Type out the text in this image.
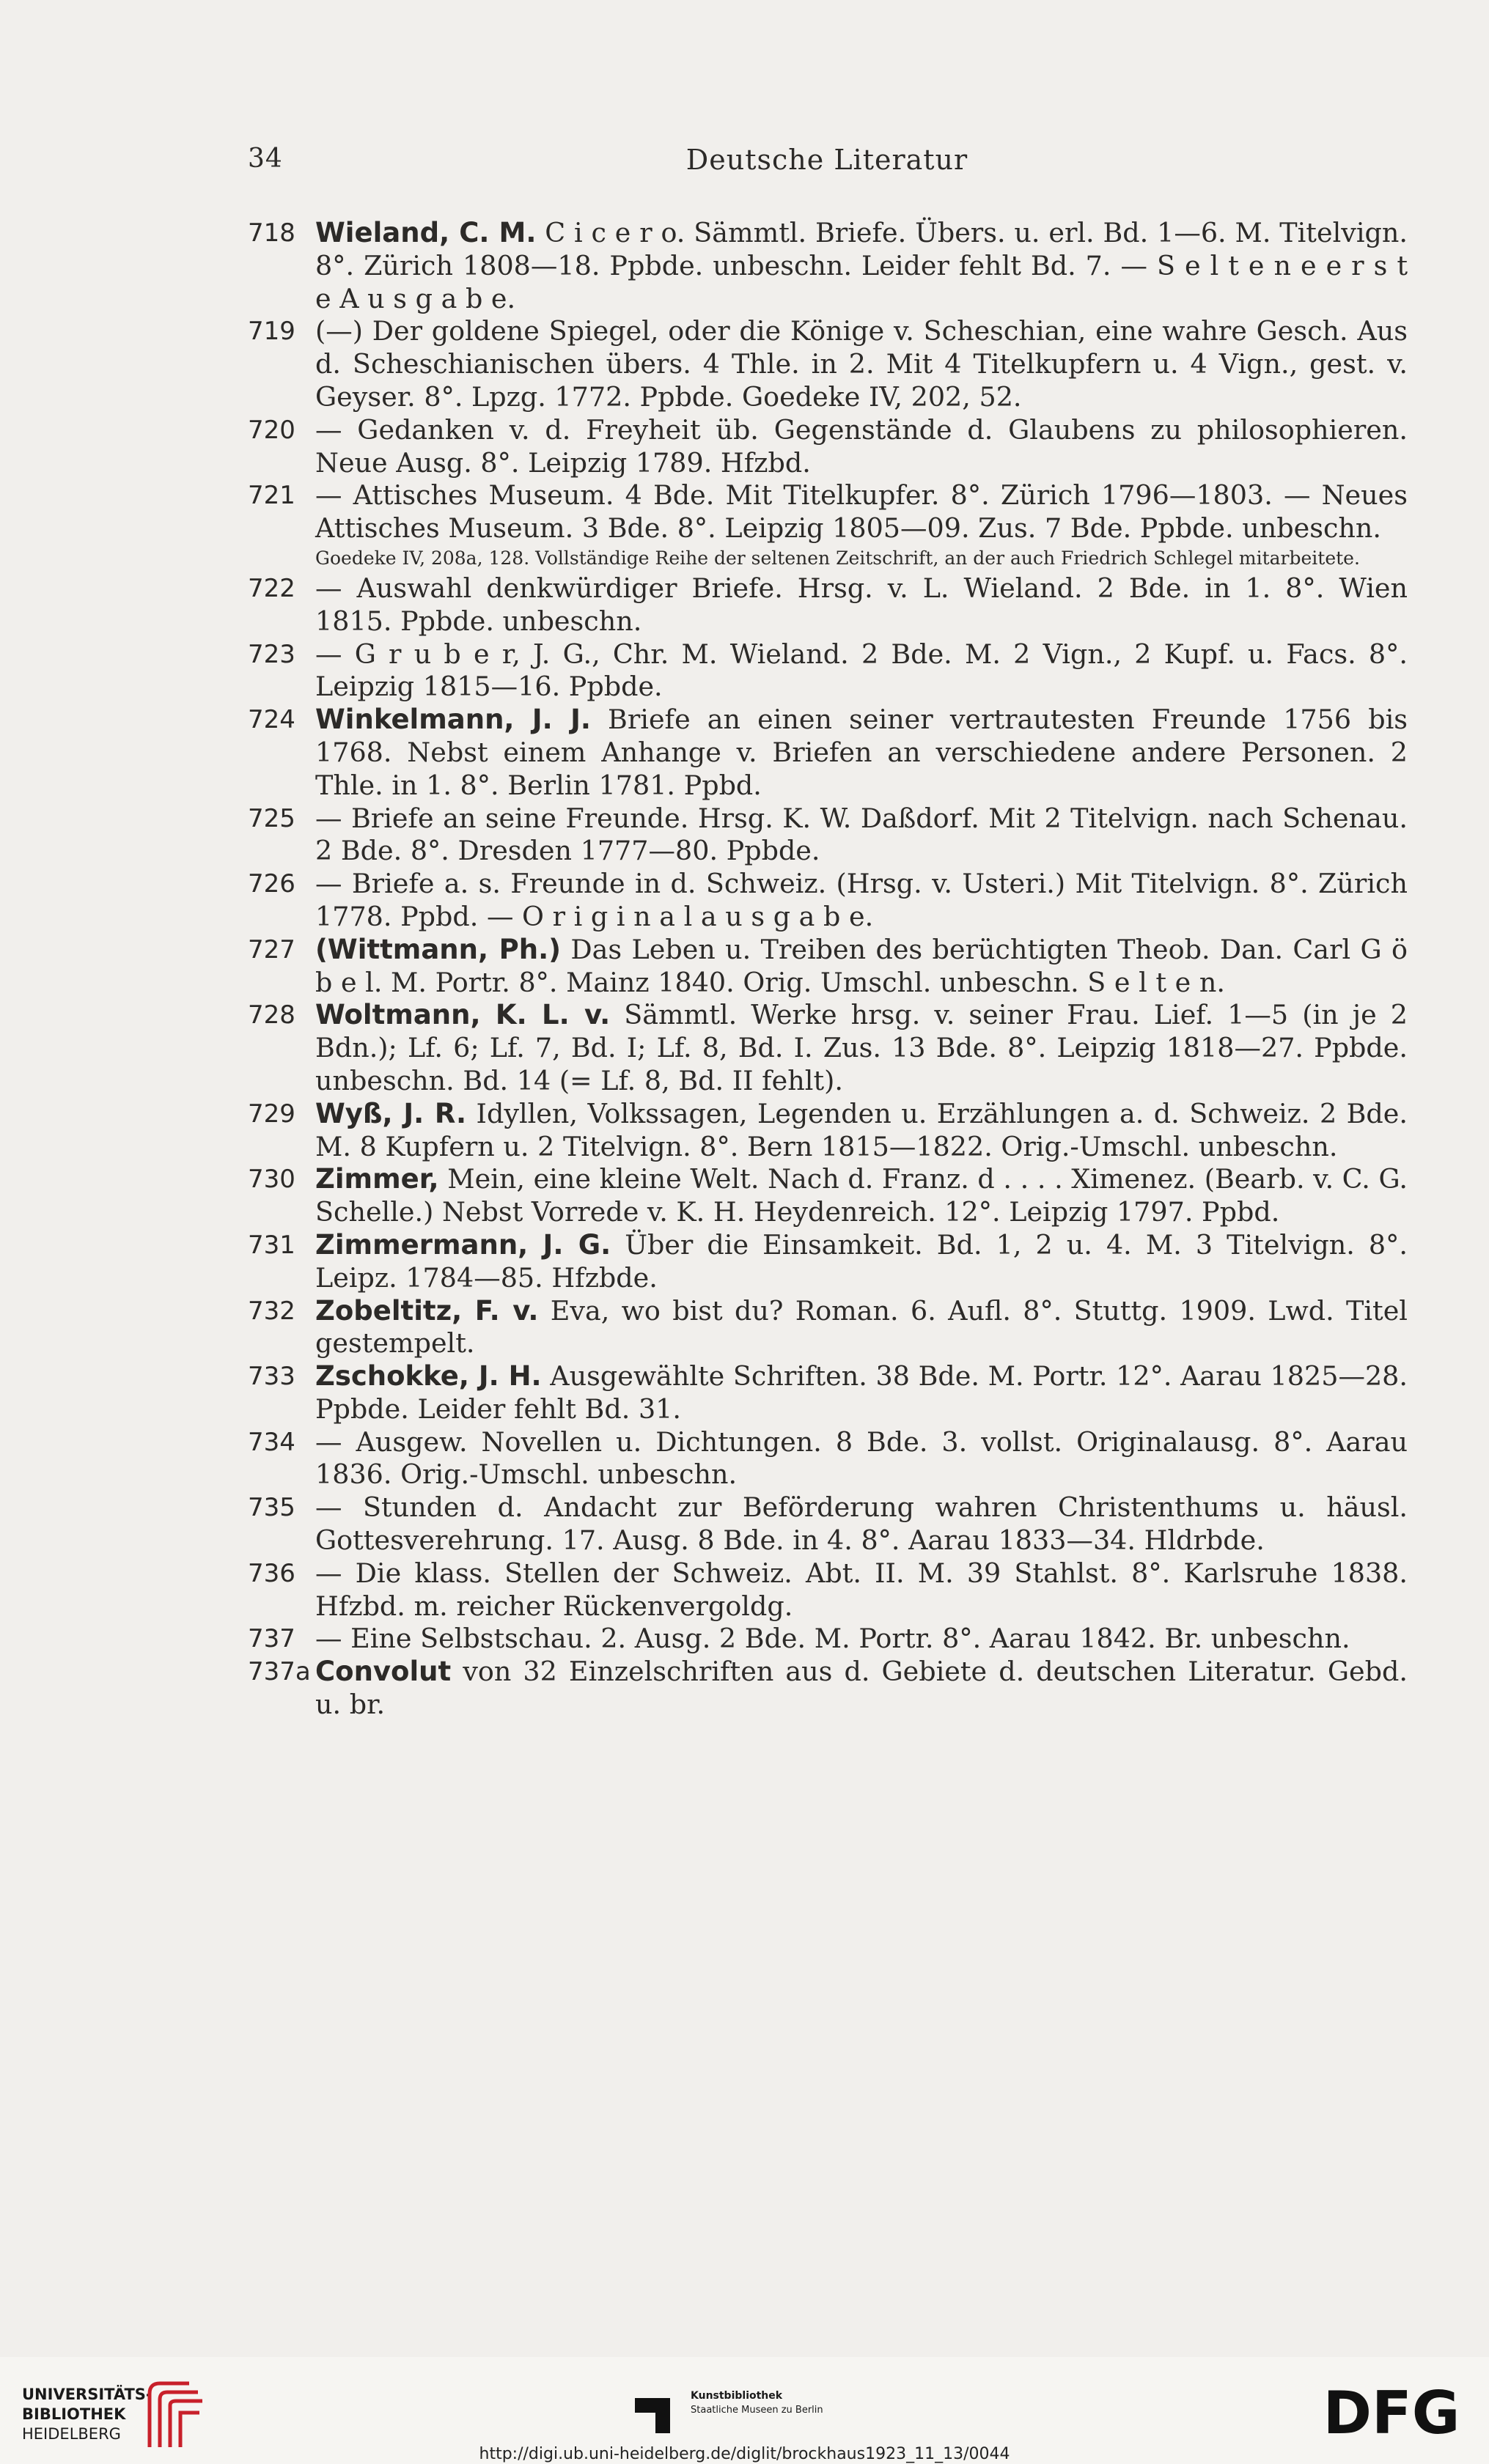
34	Deutsche Literatur
718 Wieland, C. M. C i c e r o. Sämmtl. Briefe. Übers. u. erl. Bd. 1—6. M. Titelvign. 8°. Zürich 1808—18. Ppbde. unbeschn. Leider fehlt Bd. 7. — S e l t e n e e r s t e A u s g a b e.
719 (—) Der goldene Spiegel, oder die Könige v. Scheschian, eine wahre Gesch. Aus d. Scheschianischen übers. 4 Thle. in 2. Mit 4 Titelkupfern u. 4 Vign., gest. v. Geyser. 8°. Lpzg. 1772. Ppbde. Goedeke IV, 202, 52.
720 — Gedanken v. d. Freyheit üb. Gegenstände d. Glaubens zu philosophieren. Neue Ausg. 8°. Leipzig 1789. Hfzbd.
721 — Attisches Museum. 4 Bde. Mit Titelkupfer. 8°. Zürich 1796—1803. — Neues Attisches Museum. 3 Bde. 8°. Leipzig 1805—09. Zus. 7 Bde. Ppbde. unbeschn.
Goedeke IV, 208a, 128. Vollständige Reihe der seltenen Zeitschrift, an der auch Friedrich Schlegel mitarbeitete.
722 — Auswahl denkwürdiger Briefe. Hrsg. v. L. Wieland. 2 Bde. in 1. 8°. Wien 1815. Ppbde. unbeschn.
723 — G r u b e r, J. G., Chr. M. Wieland. 2 Bde. M. 2 Vign., 2 Kupf. u. Facs. 8°. Leipzig 1815—16. Ppbde.
724 Winkelmann, J. J. Briefe an einen seiner vertrautesten Freunde 1756 bis 1768. Nebst einem Anhange v. Briefen an verschiedene andere Personen. 2 Thle. in 1. 8°. Berlin 1781. Ppbd.
725 — Briefe an seine Freunde. Hrsg. K. W. Daßdorf. Mit 2 Titelvign. nach Schenau. 2 Bde. 8°. Dresden 1777—80. Ppbde.
726 — Briefe a. s. Freunde in d. Schweiz. (Hrsg. v. Usteri.) Mit Titelvign. 8°. Zürich 1778. Ppbd. — O r i g i n a l a u s g a b e.
727 (Wittmann, Ph.) Das Leben u. Treiben des berüchtigten Theob. Dan. Carl G ö b e l. M. Portr. 8°. Mainz 1840. Orig. Umschl. unbeschn. S e l t e n.
728 Woltmann, K. L. v. Sämmtl. Werke hrsg. v. seiner Frau. Lief. 1—5 (in je 2 Bdn.); Lf. 6; Lf. 7, Bd. I; Lf. 8, Bd. I. Zus. 13 Bde. 8°. Leipzig 1818—27. Ppbde. unbeschn. Bd. 14 (= Lf. 8, Bd. II fehlt).
729 Wyß, J. R. Idyllen, Volkssagen, Legenden u. Erzählungen a. d. Schweiz. 2 Bde. M. 8 Kupfern u. 2 Titelvign. 8°. Bern 1815—1822. Orig.-Umschl. unbeschn.
730 Zimmer, Mein, eine kleine Welt. Nach d. Franz. d . . . . Ximenez. (Bearb. v. C. G. Schelle.) Nebst Vorrede v. K. H. Heydenreich. 12°. Leipzig 1797. Ppbd.
731 Zimmermann, J. G. Über die Einsamkeit. Bd. 1, 2 u. 4. M. 3 Titelvign. 8°. Leipz. 1784—85. Hfzbde.
732 Zobeltitz, F. v. Eva, wo bist du? Roman. 6. Aufl. 8°. Stuttg. 1909. Lwd. Titel gestempelt.
733 Zschokke, J. H. Ausgewählte Schriften. 38 Bde. M. Portr. 12°. Aarau 1825—28. Ppbde. Leider fehlt Bd. 31.
734 — Ausgew. Novellen u. Dichtungen. 8 Bde. 3. vollst. Originalausg. 8°. Aarau 1836. Orig.-Umschl. unbeschn.
735 — Stunden d. Andacht zur Beförderung wahren Christenthums u. häusl. Gottesverehrung. 17. Ausg. 8 Bde. in 4. 8°. Aarau 1833—34. Hldrbde.
736 — Die klass. Stellen der Schweiz. Abt. II. M. 39 Stahlst. 8°. Karlsruhe 1838. Hfzbd. m. reicher Rückenvergoldg.
737 — Eine Selbstschau. 2. Ausg. 2 Bde. M. Portr. 8°. Aarau 1842. Br. unbeschn.
737a Convolut von 32 Einzelschriften aus d. Gebiete d. deutschen Literatur. Gebd. u. br.
UNIVERSITÄTS-
BIBLIOTHEK
HEIDELBERG
Kunstbibliothek
Staatliche Museen zu Berlin	DFG
http://digi.ub.uni-heidelberg.de/diglit/brockhaus1923_11_13/0044
